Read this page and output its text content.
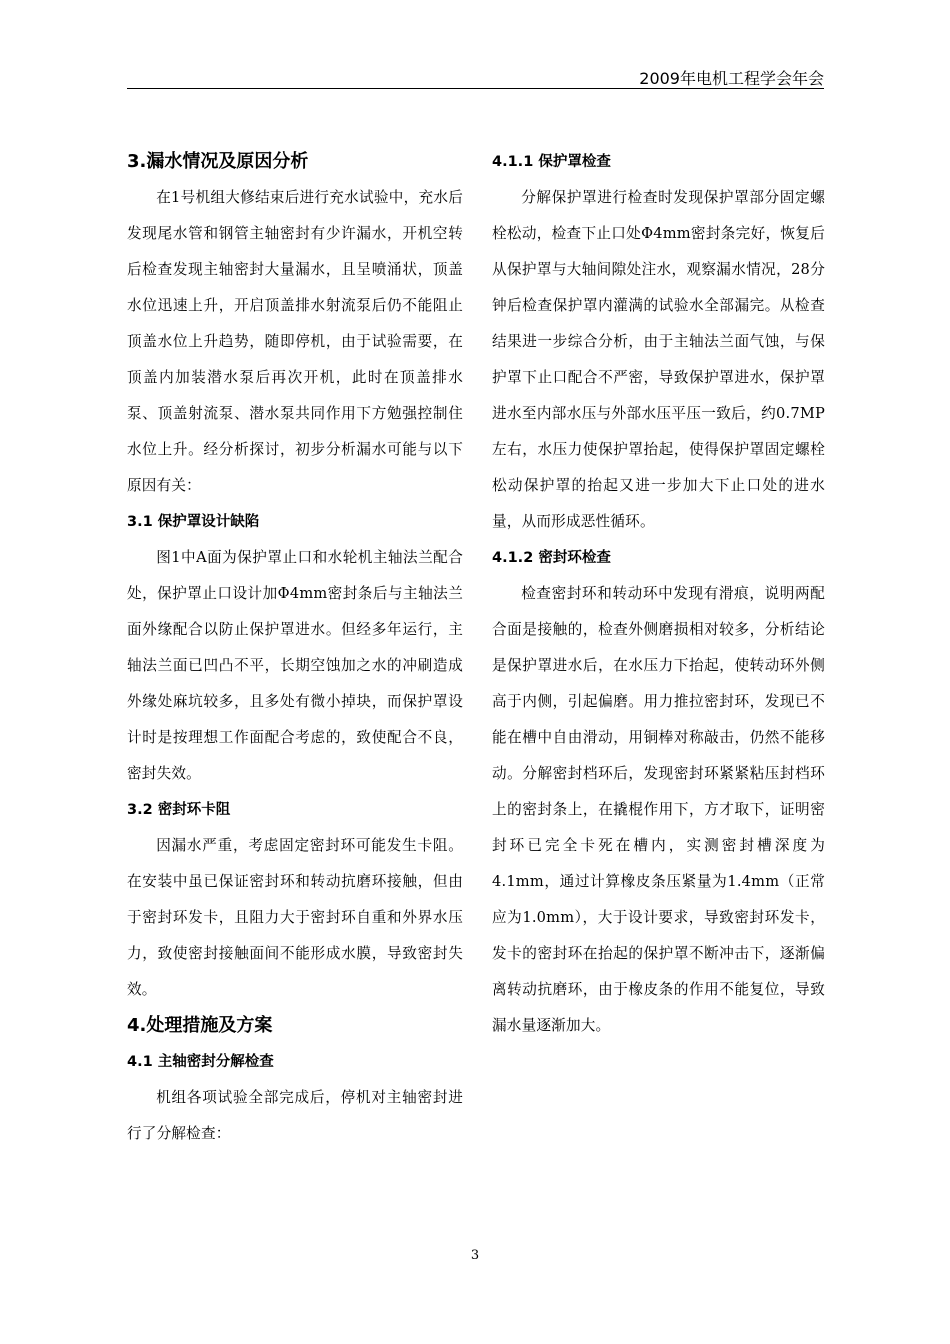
2009年电机工程学会年会
3.漏水情况及原因分析

在1号机组大修结束后进行充水试验中，充水后发现尾水管和钢管主轴密封有少许漏水，开机空转后检查发现主轴密封大量漏水，且呈喷涌状，顶盖水位迅速上升，开启顶盖排水射流泵后仍不能阻止顶盖水位上升趋势，随即停机，由于试验需要，在顶盖内加装潜水泵后再次开机，此时在顶盖排水泵、顶盖射流泵、潜水泵共同作用下方勉强控制住水位上升。经分析探讨，初步分析漏水可能与以下原因有关：

3.1 保护罩设计缺陷

图1中A面为保护罩止口和水轮机主轴法兰配合处，保护罩止口设计加Φ4mm密封条后与主轴法兰面外缘配合以防止保护罩进水。但经多年运行，主轴法兰面已凹凸不平，长期空蚀加之水的冲刷造成外缘处麻坑较多，且多处有微小掉块，而保护罩设计时是按理想工作面配合考虑的，致使配合不良，密封失效。

3.2 密封环卡阻

因漏水严重，考虑固定密封环可能发生卡阻。在安装中虽已保证密封环和转动抗磨环接触，但由于密封环发卡，且阻力大于密封环自重和外界水压力，致使密封接触面间不能形成水膜，导致密封失效。

4.处理措施及方案
4.1 主轴密封分解检查

机组各项试验全部完成后，停机对主轴密封进行了分解检查：

4.1.1 保护罩检查

分解保护罩进行检查时发现保护罩部分固定螺栓松动，检查下止口处Φ4mm密封条完好，恢复后从保护罩与大轴间隙处注水，观察漏水情况，28分钟后检查保护罩内灌满的试验水全部漏完。从检查结果进一步综合分析，由于主轴法兰面气蚀，与保护罩下止口配合不严密，导致保护罩进水，保护罩进水至内部水压与外部水压平压一致后，约0.7MP左右，水压力使保护罩抬起，使得保护罩固定螺栓松动保护罩的抬起又进一步加大下止口处的进水量，从而形成恶性循环。

4.1.2 密封环检查

检查密封环和转动环中发现有滑痕，说明两配合面是接触的，检查外侧磨损相对较多，分析结论是保护罩进水后，在水压力下抬起，使转动环外侧高于内侧，引起偏磨。用力推拉密封环，发现已不能在槽中自由滑动，用铜棒对称敲击，仍然不能移动。分解密封档环后，发现密封环紧紧粘压封档环上的密封条上，在撬棍作用下，方才取下，证明密封环已完全卡死在槽内，实测密封槽深度为4.1mm，通过计算橡皮条压紧量为1.4mm（正常应为1.0mm），大于设计要求，导致密封环发卡，发卡的密封环在抬起的保护罩不断冲击下，逐渐偏离转动抗磨环，由于橡皮条的作用不能复位，导致漏水量逐渐加大。

3
